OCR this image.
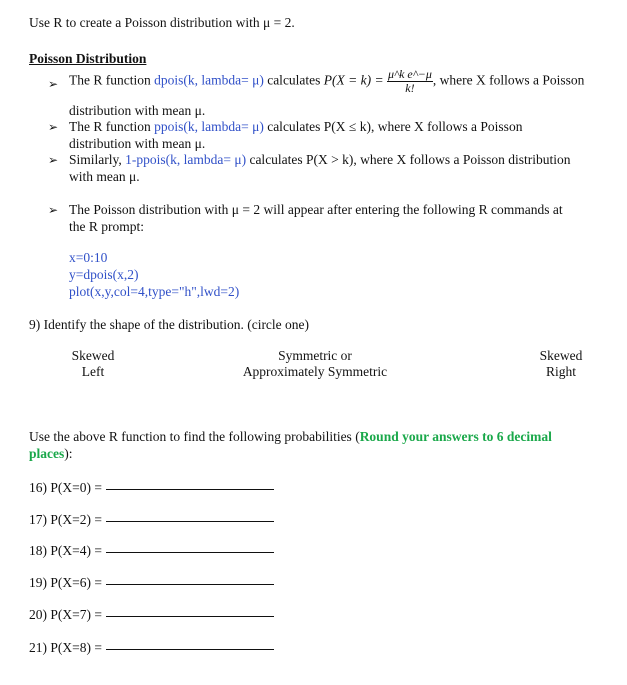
Use R to create a Poisson distribution with μ = 2.
Poisson Distribution
➢ The R function dpois(k, lambda= μ) calculates $P(X = k) = \frac{\text{μ\textasciicircum{}k e\textasciicircum{}−μ}}{k!}$ , where X follows a Poisson
distribution with mean μ.
➢ The R function ppois(k, lambda= μ) calculates P(X ≤ k), where X follows a Poisson
distribution with mean μ.
➢ Similarly, 1-ppois(k, lambda= μ) calculates P(X > k), where X follows a Poisson distribution
with mean μ.
➢ The Poisson distribution with μ = 2 will appear after entering the following R commands at
the R prompt:
x=0:10
y=dpois(x,2)
plot(x,y,col=4,type="h",lwd=2)
9) Identify the shape of the distribution. (circle one)
Skewed
Left
Symmetric or
Approximately Symmetric
Skewed
Right
Use the above R function to find the following probabilities (Round your answers to 6 decimal
places):
16) P(X=0) =
17) P(X=2) =
18) P(X=4) =
19) P(X=6) =
20) P(X=7) =
21) P(X=8) =
